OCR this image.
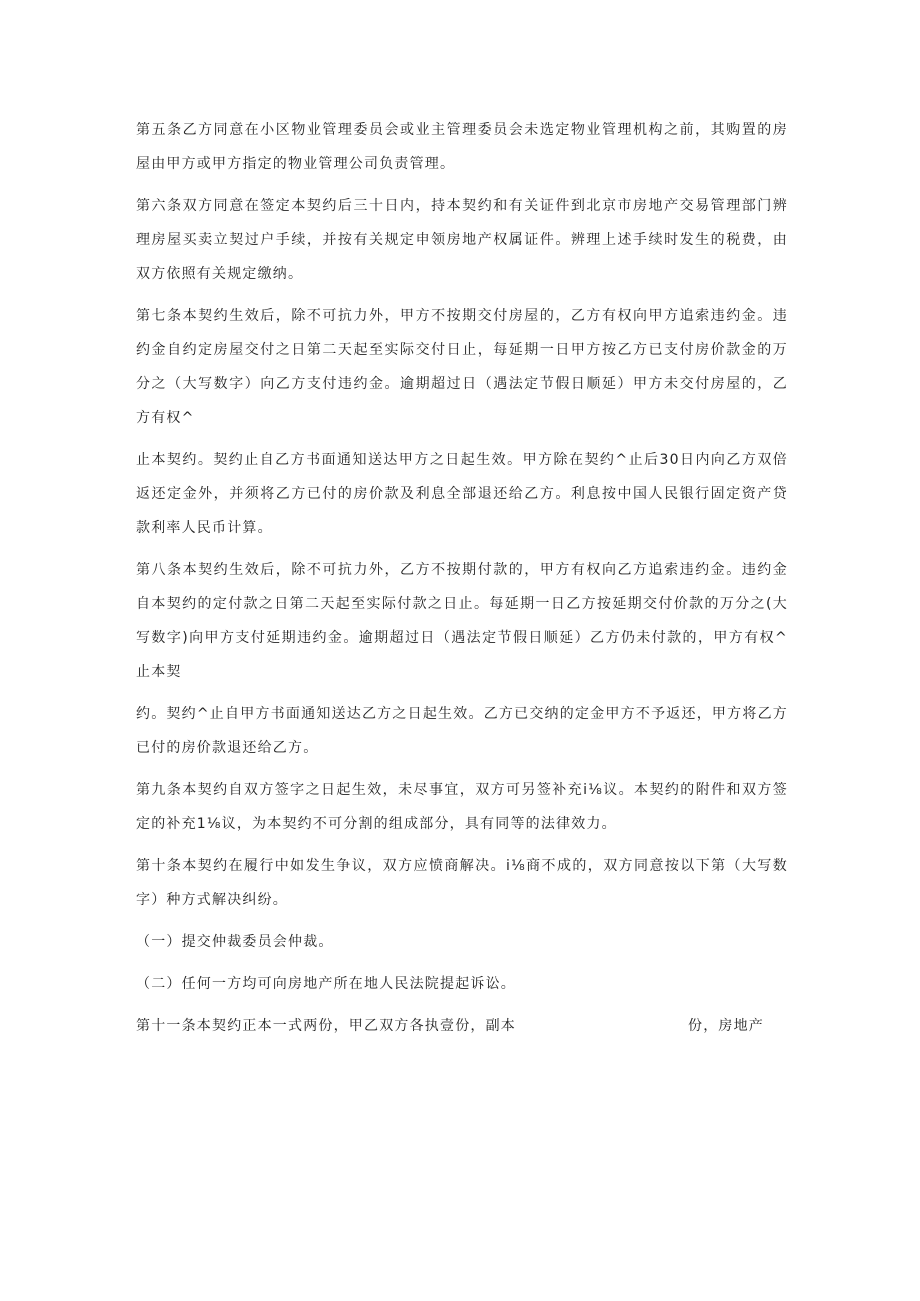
第五条乙方同意在小区物业管理委员会或业主管理委员会未选定物业管理机构之前，其购置的房屋由甲方或甲方指定的物业管理公司负责管理。

第六条双方同意在签定本契约后三十日内，持本契约和有关证件到北京市房地产交易管理部门辨理房屋买卖立契过户手续，并按有关规定申领房地产权属证件。辨理上述手续时发生的税费，由双方依照有关规定缴纳。

第七条本契约生效后，除不可抗力外，甲方不按期交付房屋的，乙方有权向甲方追索违约金。违约金自约定房屋交付之日第二天起至实际交付日止，每延期一日甲方按乙方已支付房价款金的万分之（大写数字）向乙方支付违约金。逾期超过日（遇法定节假日顺延）甲方未交付房屋的，乙方有权^

止本契约。契约止自乙方书面通知送达甲方之日起生效。甲方除在契约^止后30日内向乙方双倍返还定金外，并须将乙方已付的房价款及利息全部退还给乙方。利息按中国人民银行固定资产贷款利率人民币计算。

第八条本契约生效后，除不可抗力外，乙方不按期付款的，甲方有权向乙方追索违约金。违约金自本契约的定付款之日第二天起至实际付款之日止。每延期一日乙方按延期交付价款的万分之(大写数字)向甲方支付延期违约金。逾期超过日（遇法定节假日顺延）乙方仍未付款的，甲方有权^止本契

约。契约^止自甲方书面通知送达乙方之日起生效。乙方已交纳的定金甲方不予返还，甲方将乙方已付的房价款退还给乙方。

第九条本契约自双方签字之日起生效，未尽事宜，双方可另签补充i⅛议。本契约的附件和双方签定的补充1⅛议，为本契约不可分割的组成部分，具有同等的法律效力。

第十条本契约在履行中如发生争议，双方应愤商解决。i⅛商不成的，双方同意按以下第（大写数字）种方式解决纠纷。

（一）提交仲裁委员会仲裁。

（二）任何一方均可向房地产所在地人民法院提起诉讼。

第十一条本契约正本一式两份，甲乙双方各执壹份，副本	份，房地产
